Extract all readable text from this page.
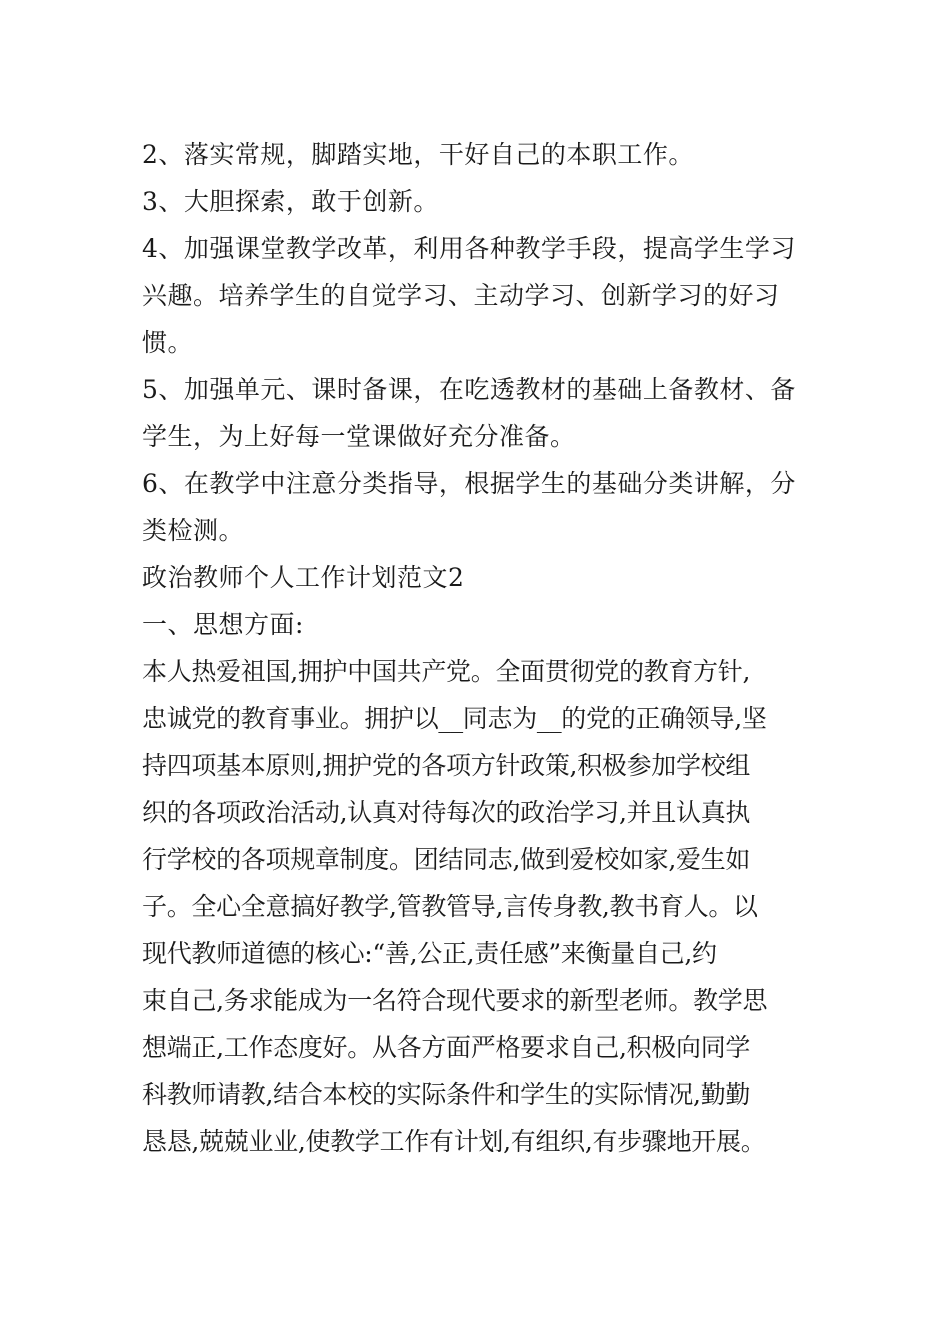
2、落实常规，脚踏实地，干好自己的本职工作。
3、大胆探索，敢于创新。
4、加强课堂教学改革，利用各种教学手段，提高学生学习
兴趣。培养学生的自觉学习、主动学习、创新学习的好习
惯。
5、加强单元、课时备课，在吃透教材的基础上备教材、备
学生，为上好每一堂课做好充分准备。
6、在教学中注意分类指导，根据学生的基础分类讲解，分
类检测。
政治教师个人工作计划范文2
一、思想方面:
本人热爱祖国,拥护中国共产党。全面贯彻党的教育方针,
忠诚党的教育事业。拥护以__同志为__的党的正确领导,坚
持四项基本原则,拥护党的各项方针政策,积极参加学校组
织的各项政治活动,认真对待每次的政治学习,并且认真执
行学校的各项规章制度。团结同志,做到爱校如家,爱生如
子。全心全意搞好教学,管教管导,言传身教,教书育人。以
现代教师道德的核心:“善,公正,责任感”来衡量自己,约
束自己,务求能成为一名符合现代要求的新型老师。教学思
想端正,工作态度好。从各方面严格要求自己,积极向同学
科教师请教,结合本校的实际条件和学生的实际情况,勤勤
恳恳,兢兢业业,使教学工作有计划,有组织,有步骤地开展。
